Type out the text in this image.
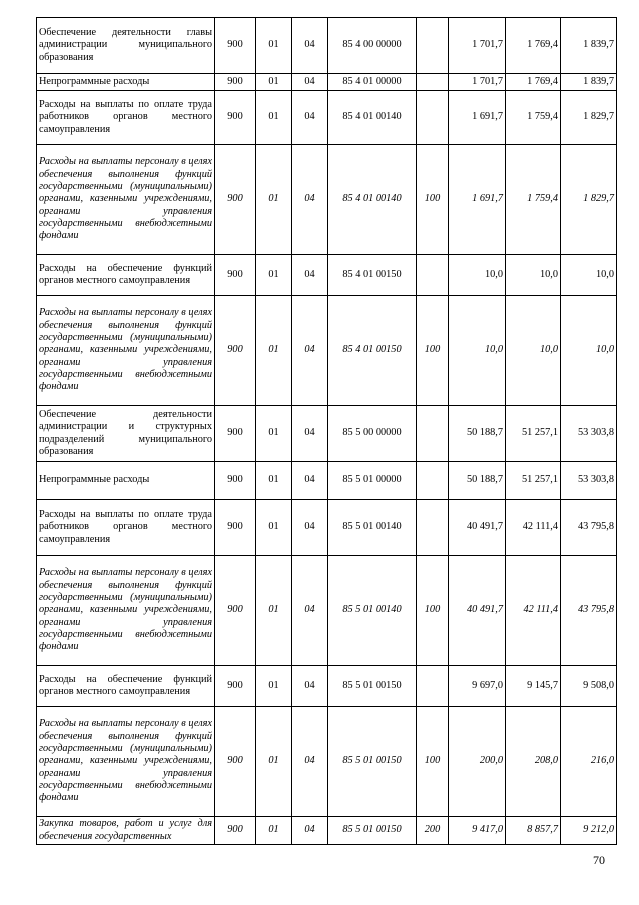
Обеспечение деятельности главы администрации муниципального образования	900	01	04	85 4 00 00000		1 701,7	1 769,4	1 839,7
Непрограммные расходы	900	01	04	85 4 01 00000		1 701,7	1 769,4	1 839,7
Расходы на выплаты по оплате труда работников органов местного самоуправления	900	01	04	85 4 01 00140		1 691,7	1 759,4	1 829,7
Расходы на выплаты персоналу в целях обеспечения выполнения функций государственными (муниципальными) органами, казенными учреждениями, органами управления государственными внебюджетными фондами	900	01	04	85 4 01 00140	100	1 691,7	1 759,4	1 829,7
Расходы на обеспечение функций органов местного самоуправления	900	01	04	85 4 01 00150		10,0	10,0	10,0
Расходы на выплаты персоналу в целях обеспечения выполнения функций государственными (муниципальными) органами, казенными учреждениями, органами управления государственными внебюджетными фондами	900	01	04	85 4 01 00150	100	10,0	10,0	10,0
Обеспечение деятельности администрации и структурных подразделений муниципального образования	900	01	04	85 5 00 00000		50 188,7	51 257,1	53 303,8
Непрограммные расходы	900	01	04	85 5 01 00000		50 188,7	51 257,1	53 303,8
Расходы на выплаты по оплате труда работников органов местного самоуправления	900	01	04	85 5 01 00140		40 491,7	42 111,4	43 795,8
Расходы на выплаты персоналу в целях обеспечения выполнения функций государственными (муниципальными) органами, казенными учреждениями, органами управления государственными внебюджетными фондами	900	01	04	85 5 01 00140	100	40 491,7	42 111,4	43 795,8
Расходы на обеспечение функций органов местного самоуправления	900	01	04	85 5 01 00150		9 697,0	9 145,7	9 508,0
Расходы на выплаты персоналу в целях обеспечения выполнения функций государственными (муниципальными) органами, казенными учреждениями, органами управления государственными внебюджетными фондами	900	01	04	85 5 01 00150	100	200,0	208,0	216,0
Закупка товаров, работ и услуг для обеспечения государственных	900	01	04	85 5 01 00150	200	9 417,0	8 857,7	9 212,0
70
